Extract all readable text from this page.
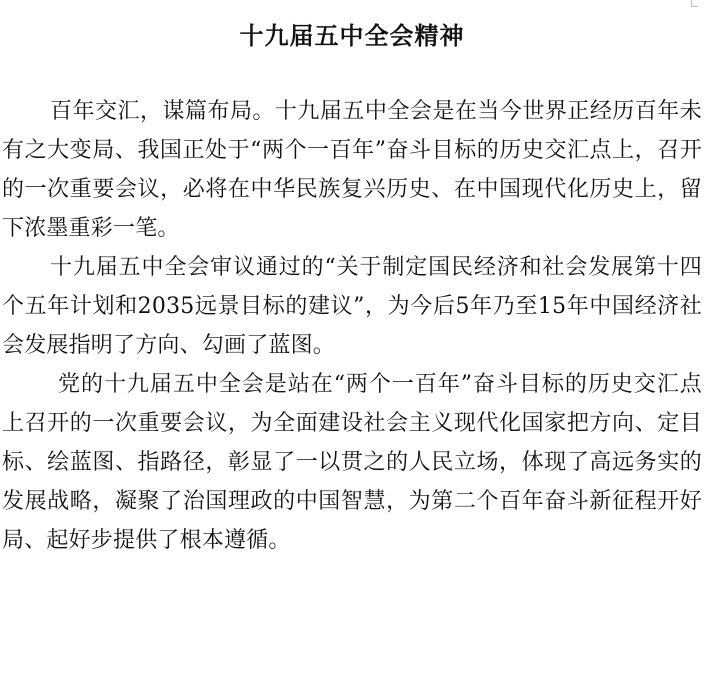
十九届五中全会精神

百年交汇，谋篇布局。十九届五中全会是在当今世界正经历百年未有之大变局、我国正处于“两个一百年”奋斗目标的历史交汇点上，召开的一次重要会议，必将在中华民族复兴历史、在中国现代化历史上，留下浓墨重彩一笔。

十九届五中全会审议通过的“关于制定国民经济和社会发展第十四个五年计划和2035远景目标的建议”，为今后5年乃至15年中国经济社会发展指明了方向、勾画了蓝图。

党的十九届五中全会是站在“两个一百年”奋斗目标的历史交汇点上召开的一次重要会议，为全面建设社会主义现代化国家把方向、定目标、绘蓝图、指路径，彰显了一以贯之的人民立场，体现了高远务实的发展战略，凝聚了治国理政的中国智慧，为第二个百年奋斗新征程开好局、起好步提供了根本遵循。
